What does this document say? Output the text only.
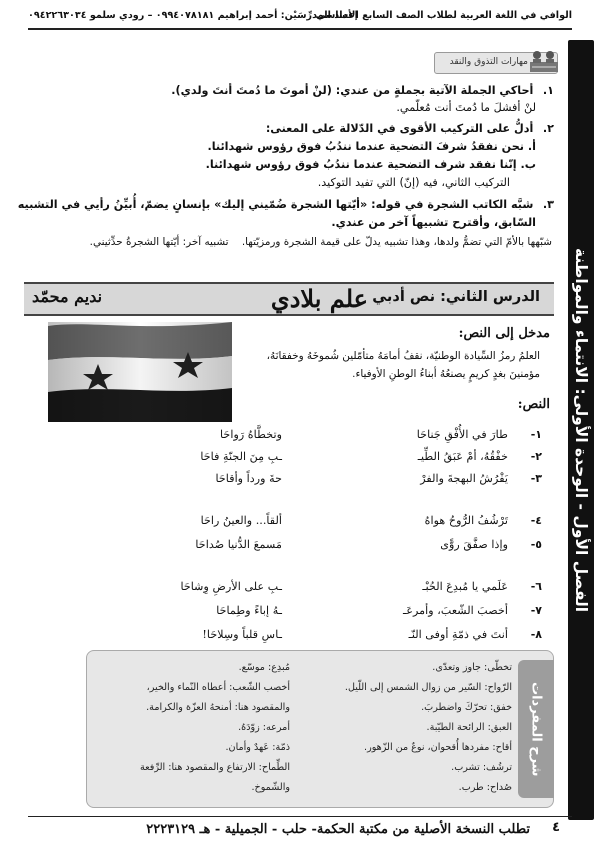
الوافي في اللغة العربية لطلاب الصف السابع الأساسي
إعداد المدرِّسَيْن: أحمد إبراهيم ٠٩٩٤٠٧٨١٨١ – رودي سلمو ٠٩٤٢٢٦٣٠٣٤
الفصل الأول - الوحدة الأولى: الانتماء والمواطنة
مهارات التذوق والنقد
١. أحاكي الجملة الآتية بجملةٍ من عندي: (لنْ أموتَ ما دُمتَ أنتَ ولدي).
لنْ أفشلَ ما دُمتَ أنت مُعلّمي.
٢. أدلُّ على التركيب الأقوى في الدّلالة على المعنى:
أ. نحن نفقدُ شرفَ التضحية عندما نندُبُ فوق رؤوس شهدائنا.
ب. إنّنا نفقد شرف التضحية عندما نندُبُ فوق رؤوس شهدائنا.
التركيب الثاني، فيه (إنّ) التي تفيد التوكيد.
٣. شبَّه الكاتب الشجرة في قوله: «أيّتها الشجرة ضُمّيني إليك» بإنسانٍ يضمّ، أُبيِّنُ رأيي في التشبيه
السّابق، وأقترح تشبيهاً آخر من عندي.
شبّهها بالأمّ التي تضمُّ ولدها، وهذا تشبيه يدلّ على قيمة الشجرة ورمزيّتها. تشبيه آخر: أيّتها الشجرةُ حدِّثيني.
الدرس الثاني: نص أدبي
علم بلادي
نديم محمّد
مدخل إلى النص:
العلمُ رمزُ السِّيادة الوطنيّة، نقفُ أمامَهُ متأمّلين شُموخَهُ وخفقانَهُ،
مؤمنينَ بغدٍ كريمٍ يصنعُهُ أبناءُ الوطنِ الأوفياء.
النص:
١-
طارَ في الأُفْقِ جَناحَا
وتخطَّاهُ رَواحَا
٢-
خفْقُهُ، أمْ عَبَقُ الطِّيـ
ـبِ مِنَ الجنّةِ فاحَا
٣-
يَفْرُشُ البهجةَ والفرْ
حةَ ورداً وأقاحَا
٤-
تَرْشُفُ الرُّوحُ هواهُ
ألقاً... والعينُ راحَا
٥-
وإذا صفَّقَ روًّى
مَسمعَ الدُّنيا صُداحَا
٦-
عَلَمي يا مُبدِعَ الحُبْـ
ـبِ على الأرضِ وِشاحَا
٧-
أخصبَ الشّعبَ، وأمرعَـ
ـهُ إباءً وطِماحَا
٨-
أنتَ في ذمّةِ أوفى النّـ
ـاسِ قلباً وسِلاحَا!
شرح المفردات
تخطّى: جاوز وتعدّى.
الرّواح: السّير من زوال الشمس إلى اللّيل.
خفق: تحرّكَ واضطربَ.
العبق: الرائحة الطيّبة.
أقاح: مفردها أُقحوان، نوعٌ من الزّهور.
ترشُف: تشرب.
صُداح: طرب.
مُبدِع: موسّع.
أخصب الشّعب: أعطاه النّماء والخير،
والمقصود هنا: أمنحهُ العزّة والكرامة.
أمرعه: زوّدَهُ.
ذمّة: عَهدٌ وأمان.
الطِّماح: الارتفاع والمقصود هنا: الرِّفعة
والشّموخ.
تطلب النسخة الأصلية من مكتبة الحكمة- حلب - الجميلية - هـ ٢٢٢٣١٢٩ ٤
